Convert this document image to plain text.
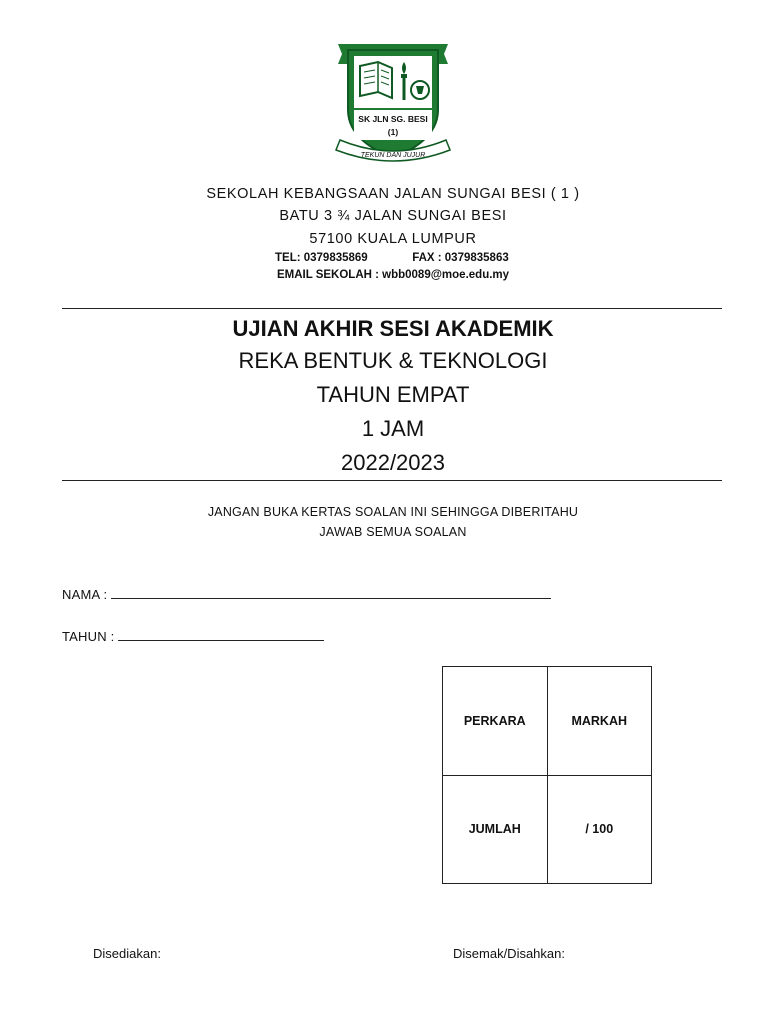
SK JLN SG. BESI
(1)
TEKUN DAN JUJUR
SEKOLAH KEBANGSAAN JALAN SUNGAI BESI ( 1 )
BATU 3 ¾ JALAN SUNGAI BESI
57100 KUALA LUMPUR
TEL: 0379835869	FAX : 0379835863
EMAIL SEKOLAH : wbb0089@moe.edu.my
UJIAN AKHIR SESI AKADEMIK
REKA BENTUK & TEKNOLOGI
TAHUN EMPAT
1 JAM
2022/2023
JANGAN BUKA KERTAS SOALAN INI SEHINGGA DIBERITAHU
JAWAB SEMUA SOALAN
NAMA :
TAHUN :
PERKARA	MARKAH
JUMLAH	/ 100
Disediakan:	Disemak/Disahkan:
